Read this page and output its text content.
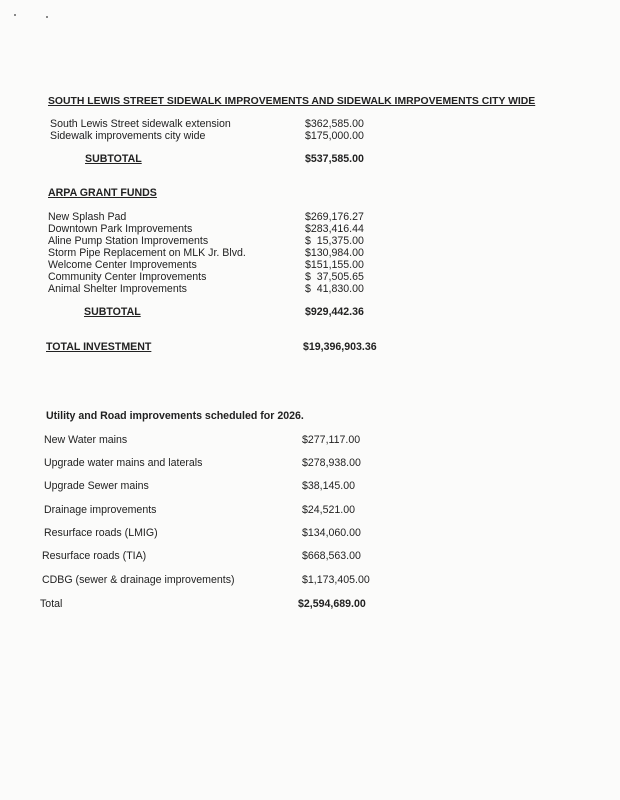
SOUTH LEWIS STREET SIDEWALK IMPROVEMENTS AND SIDEWALK IMRPOVEMENTS CITY WIDE
South Lewis Street sidewalk extension	$362,585.00
Sidewalk improvements city wide	$175,000.00
SUBTOTAL	$537,585.00
ARPA GRANT FUNDS
New Splash Pad	$269,176.27
Downtown Park Improvements	$283,416.44
Aline Pump Station Improvements	$  15,375.00
Storm Pipe Replacement on MLK Jr. Blvd.	$130,984.00
Welcome Center Improvements	$151,155.00
Community Center Improvements	$  37,505.65
Animal Shelter Improvements	$  41,830.00
SUBTOTAL	$929,442.36
TOTAL INVESTMENT	$19,396,903.36
Utility and Road improvements scheduled for 2026.
New Water mains	$277,117.00
Upgrade water mains and laterals	$278,938.00
Upgrade Sewer mains	$38,145.00
Drainage improvements	$24,521.00
Resurface roads (LMIG)	$134,060.00
Resurface roads (TIA)	$668,563.00
CDBG (sewer & drainage improvements)	$1,173,405.00
Total	$2,594,689.00
